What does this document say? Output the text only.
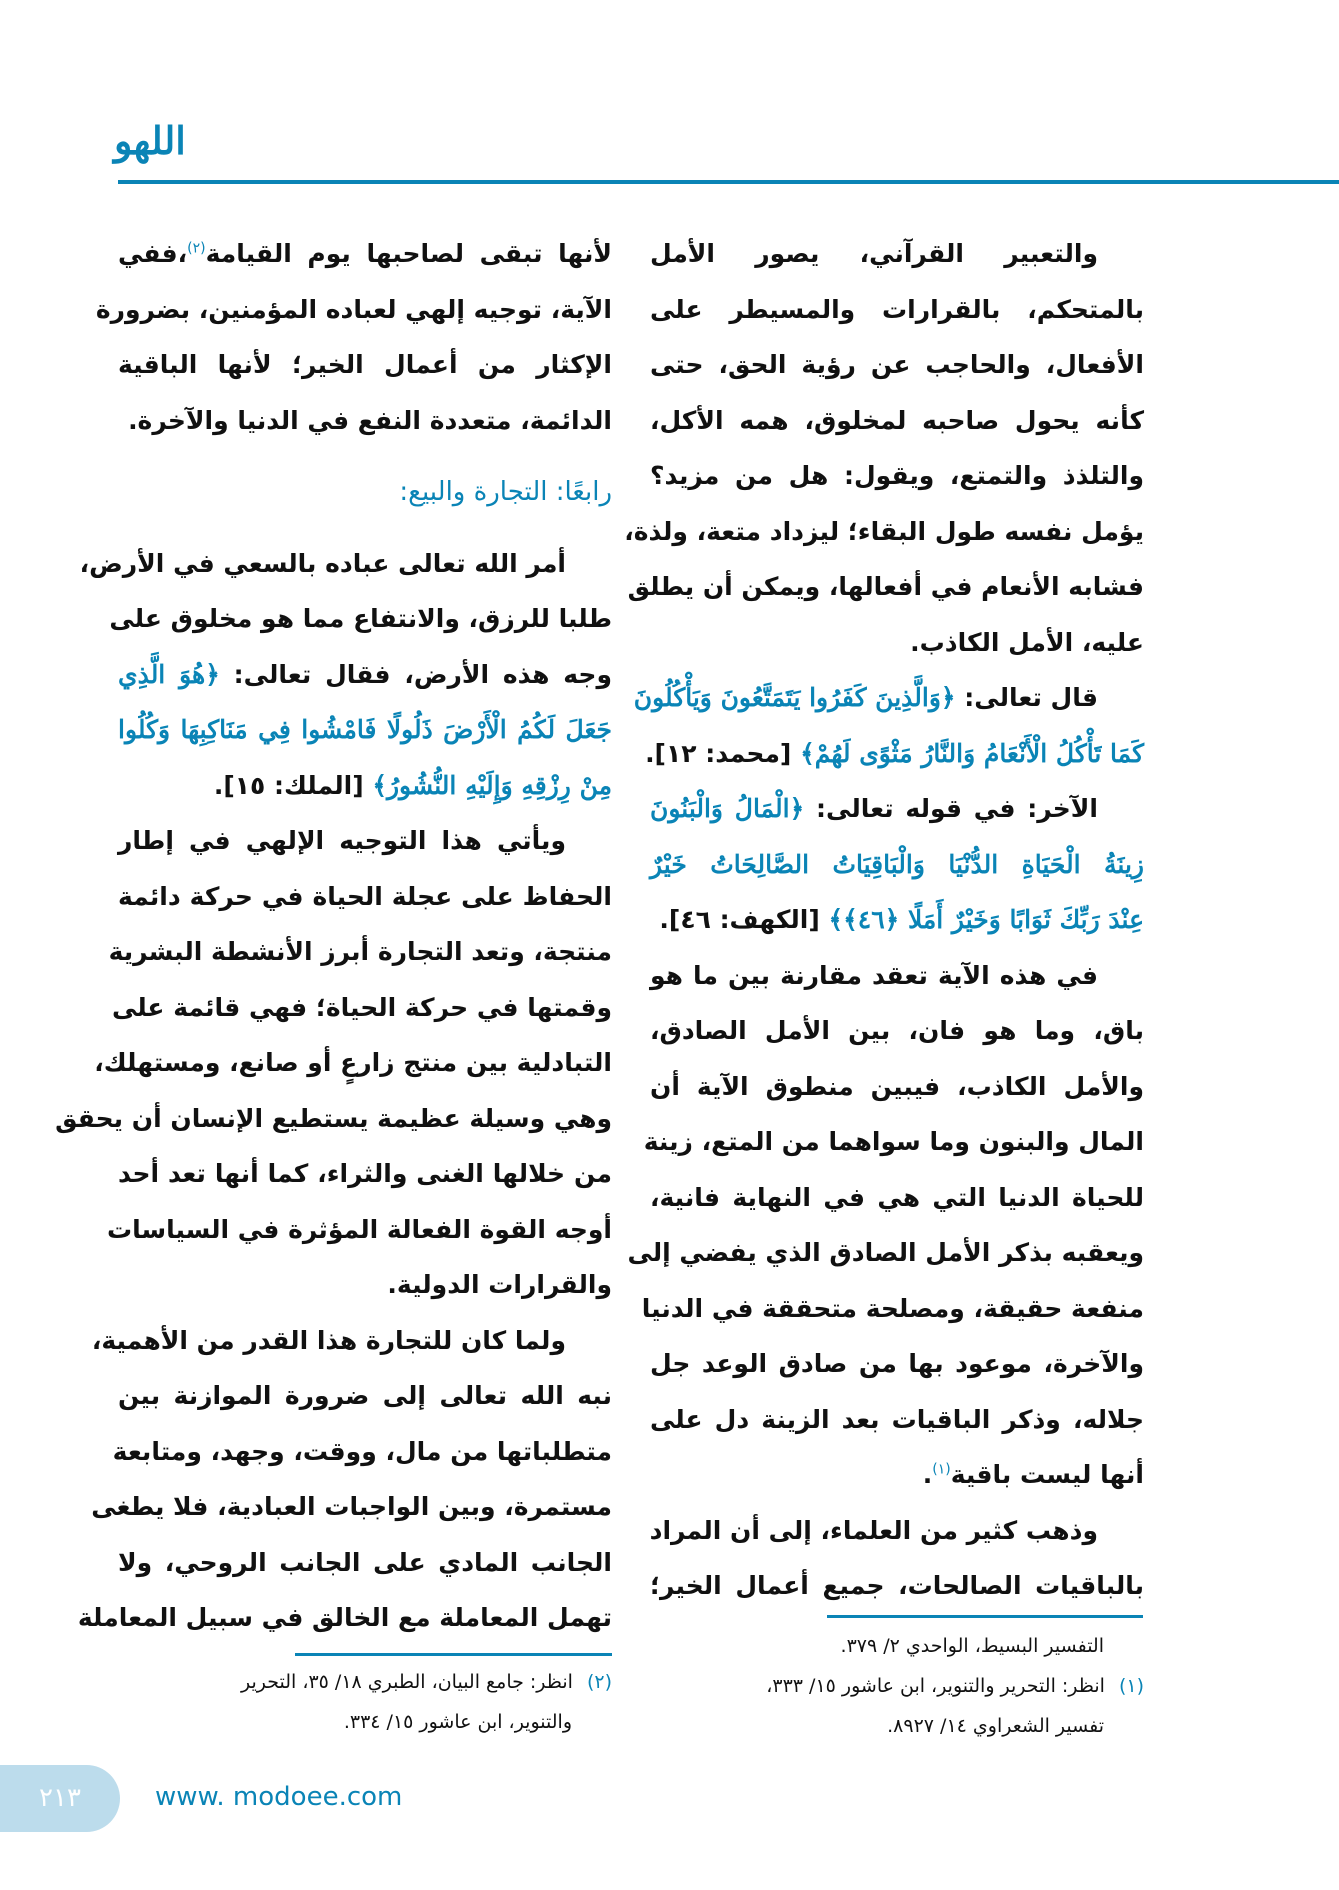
اللهو
والتعبير القرآني، يصور الأمل
بالمتحكم، بالقرارات والمسيطر على
الأفعال، والحاجب عن رؤية الحق، حتى
كأنه يحول صاحبه لمخلوق، همه الأكل،
والتلذذ والتمتع، ويقول: هل من مزيد؟
يؤمل نفسه طول البقاء؛ ليزداد متعة، ولذة،
فشابه الأنعام في أفعالها، ويمكن أن يطلق
عليه، الأمل الكاذب.
قال تعالى: ﴿وَالَّذِينَ كَفَرُوا يَتَمَتَّعُونَ وَيَأْكُلُونَ
كَمَا تَأْكُلُ الْأَنْعَامُ وَالنَّارُ مَثْوًى لَهُمْ﴾ [محمد: ١٢].
الآخر: في قوله تعالى: ﴿الْمَالُ وَالْبَنُونَ
زِينَةُ الْحَيَاةِ الدُّنْيَا وَالْبَاقِيَاتُ الصَّالِحَاتُ خَيْرٌ
عِنْدَ رَبِّكَ ثَوَابًا وَخَيْرٌ أَمَلًا ﴿٤٦﴾﴾ [الكهف: ٤٦].
في هذه الآية تعقد مقارنة بين ما هو
باق، وما هو فان، بين الأمل الصادق،
والأمل الكاذب، فيبين منطوق الآية أن
المال والبنون وما سواهما من المتع، زينة
للحياة الدنيا التي هي في النهاية فانية،
ويعقبه بذكر الأمل الصادق الذي يفضي إلى
منفعة حقيقة، ومصلحة متحققة في الدنيا
والآخرة، موعود بها من صادق الوعد جل
جلاله، وذكر الباقيات بعد الزينة دل على
أنها ليست باقية$^{(١)}$.
وذهب كثير من العلماء، إلى أن المراد
بالباقيات الصالحات، جميع أعمال الخير؛
لأنها تبقى لصاحبها يوم القيامة$^{(٢)}$،ففي
الآية، توجيه إلهي لعباده المؤمنين، بضرورة
الإكثار من أعمال الخير؛ لأنها الباقية
الدائمة، متعددة النفع في الدنيا والآخرة.
رابعًا: التجارة والبيع:
أمر الله تعالى عباده بالسعي في الأرض،
طلبا للرزق، والانتفاع مما هو مخلوق على
وجه هذه الأرض، فقال تعالى: ﴿هُوَ الَّذِي
جَعَلَ لَكُمُ الْأَرْضَ ذَلُولًا فَامْشُوا فِي مَنَاكِبِهَا وَكُلُوا
مِنْ رِزْقِهِ وَإِلَيْهِ النُّشُورُ﴾ [الملك: ١٥].
ويأتي هذا التوجيه الإلهي في إطار
الحفاظ على عجلة الحياة في حركة دائمة
منتجة، وتعد التجارة أبرز الأنشطة البشرية
وقمتها في حركة الحياة؛ فهي قائمة على
التبادلية بين منتج زارعٍ أو صانع، ومستهلك،
وهي وسيلة عظيمة يستطيع الإنسان أن يحقق
من خلالها الغنى والثراء، كما أنها تعد أحد
أوجه القوة الفعالة المؤثرة في السياسات
والقرارات الدولية.
ولما كان للتجارة هذا القدر من الأهمية،
نبه الله تعالى إلى ضرورة الموازنة بين
متطلباتها من مال، ووقت، وجهد، ومتابعة
مستمرة، وبين الواجبات العبادية، فلا يطغى
الجانب المادي على الجانب الروحي، ولا
تهمل المعاملة مع الخالق في سبيل المعاملة
التفسير البسيط، الواحدي ٢/ ٣٧٩.
(١)انظر: التحرير والتنوير، ابن عاشور ١٥/ ٣٣٣،
تفسير الشعراوي ١٤/ ٨٩٢٧.
(٢)انظر: جامع البيان، الطبري ١٨/ ٣٥، التحرير
والتنوير، ابن عاشور ١٥/ ٣٣٤.
٢١٣	www. modoee.com
